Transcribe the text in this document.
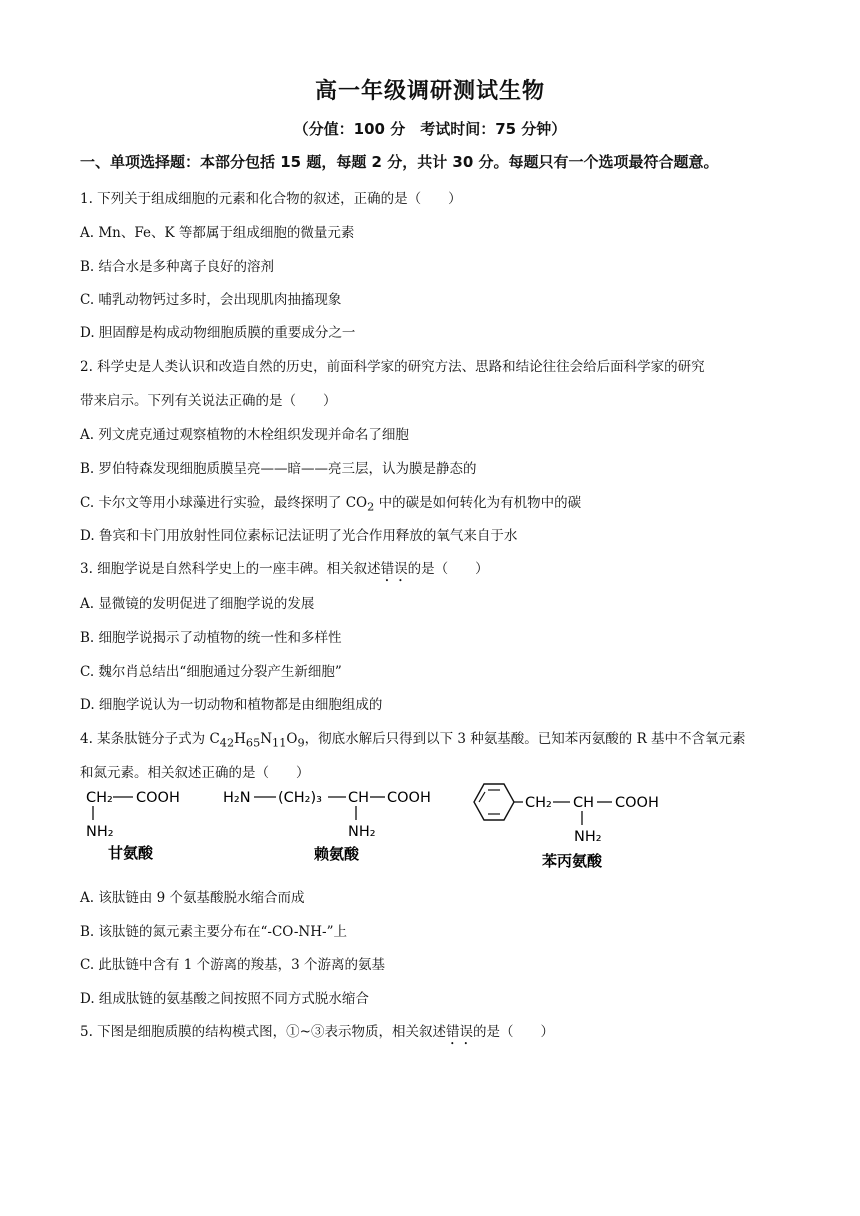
高一年级调研测试生物
（分值：100 分　考试时间：75 分钟）
一、单项选择题：本部分包括 15 题，每题 2 分，共计 30 分。每题只有一个选项最符合题意。
1. 下列关于组成细胞的元素和化合物的叙述，正确的是（　　）
A. Mn、Fe、K 等都属于组成细胞的微量元素
B. 结合水是多种离子良好的溶剂
C. 哺乳动物钙过多时，会出现肌肉抽搐现象
D. 胆固醇是构成动物细胞质膜的重要成分之一
2. 科学史是人类认识和改造自然的历史，前面科学家的研究方法、思路和结论往往会给后面科学家的研究
带来启示。下列有关说法正确的是（　　）
A. 列文虎克通过观察植物的木栓组织发现并命名了细胞
B. 罗伯特森发现细胞质膜呈亮——暗——亮三层，认为膜是静态的
C. 卡尔文等用小球藻进行实验，最终探明了 $CO_2$ 中的碳是如何转化为有机物中的碳
D. 鲁宾和卡门用放射性同位素标记法证明了光合作用释放的氧气来自于水
3. 细胞学说是自然科学史上的一座丰碑。相关叙述错误的是（　　）
A. 显微镜的发明促进了细胞学说的发展
B. 细胞学说揭示了动植物的统一性和多样性
C. 魏尔肖总结出“细胞通过分裂产生新细胞”
D. 细胞学说认为一切动物和植物都是由细胞组成的
4. 某条肽链分子式为 $C_{42}H_{65}N_{11}O_9$，彻底水解后只得到以下 3 种氨基酸。已知苯丙氨酸的 R 基中不含氧元素
和氮元素。相关叙述正确的是（　　）
CH₂ COOH
NH₂
甘氨酸
H₂N (CH₂)₃ CH COOH
NH₂
赖氨酸
CH₂ CH COOH
NH₂
苯丙氨酸
A. 该肽链由 9 个氨基酸脱水缩合而成
B. 该肽链的氮元素主要分布在“-CO-NH-”上
C. 此肽链中含有 1 个游离的羧基，3 个游离的氨基
D. 组成肽链的氨基酸之间按照不同方式脱水缩合
5. 下图是细胞质膜的结构模式图，①~③表示物质，相关叙述错误的是（　　）
